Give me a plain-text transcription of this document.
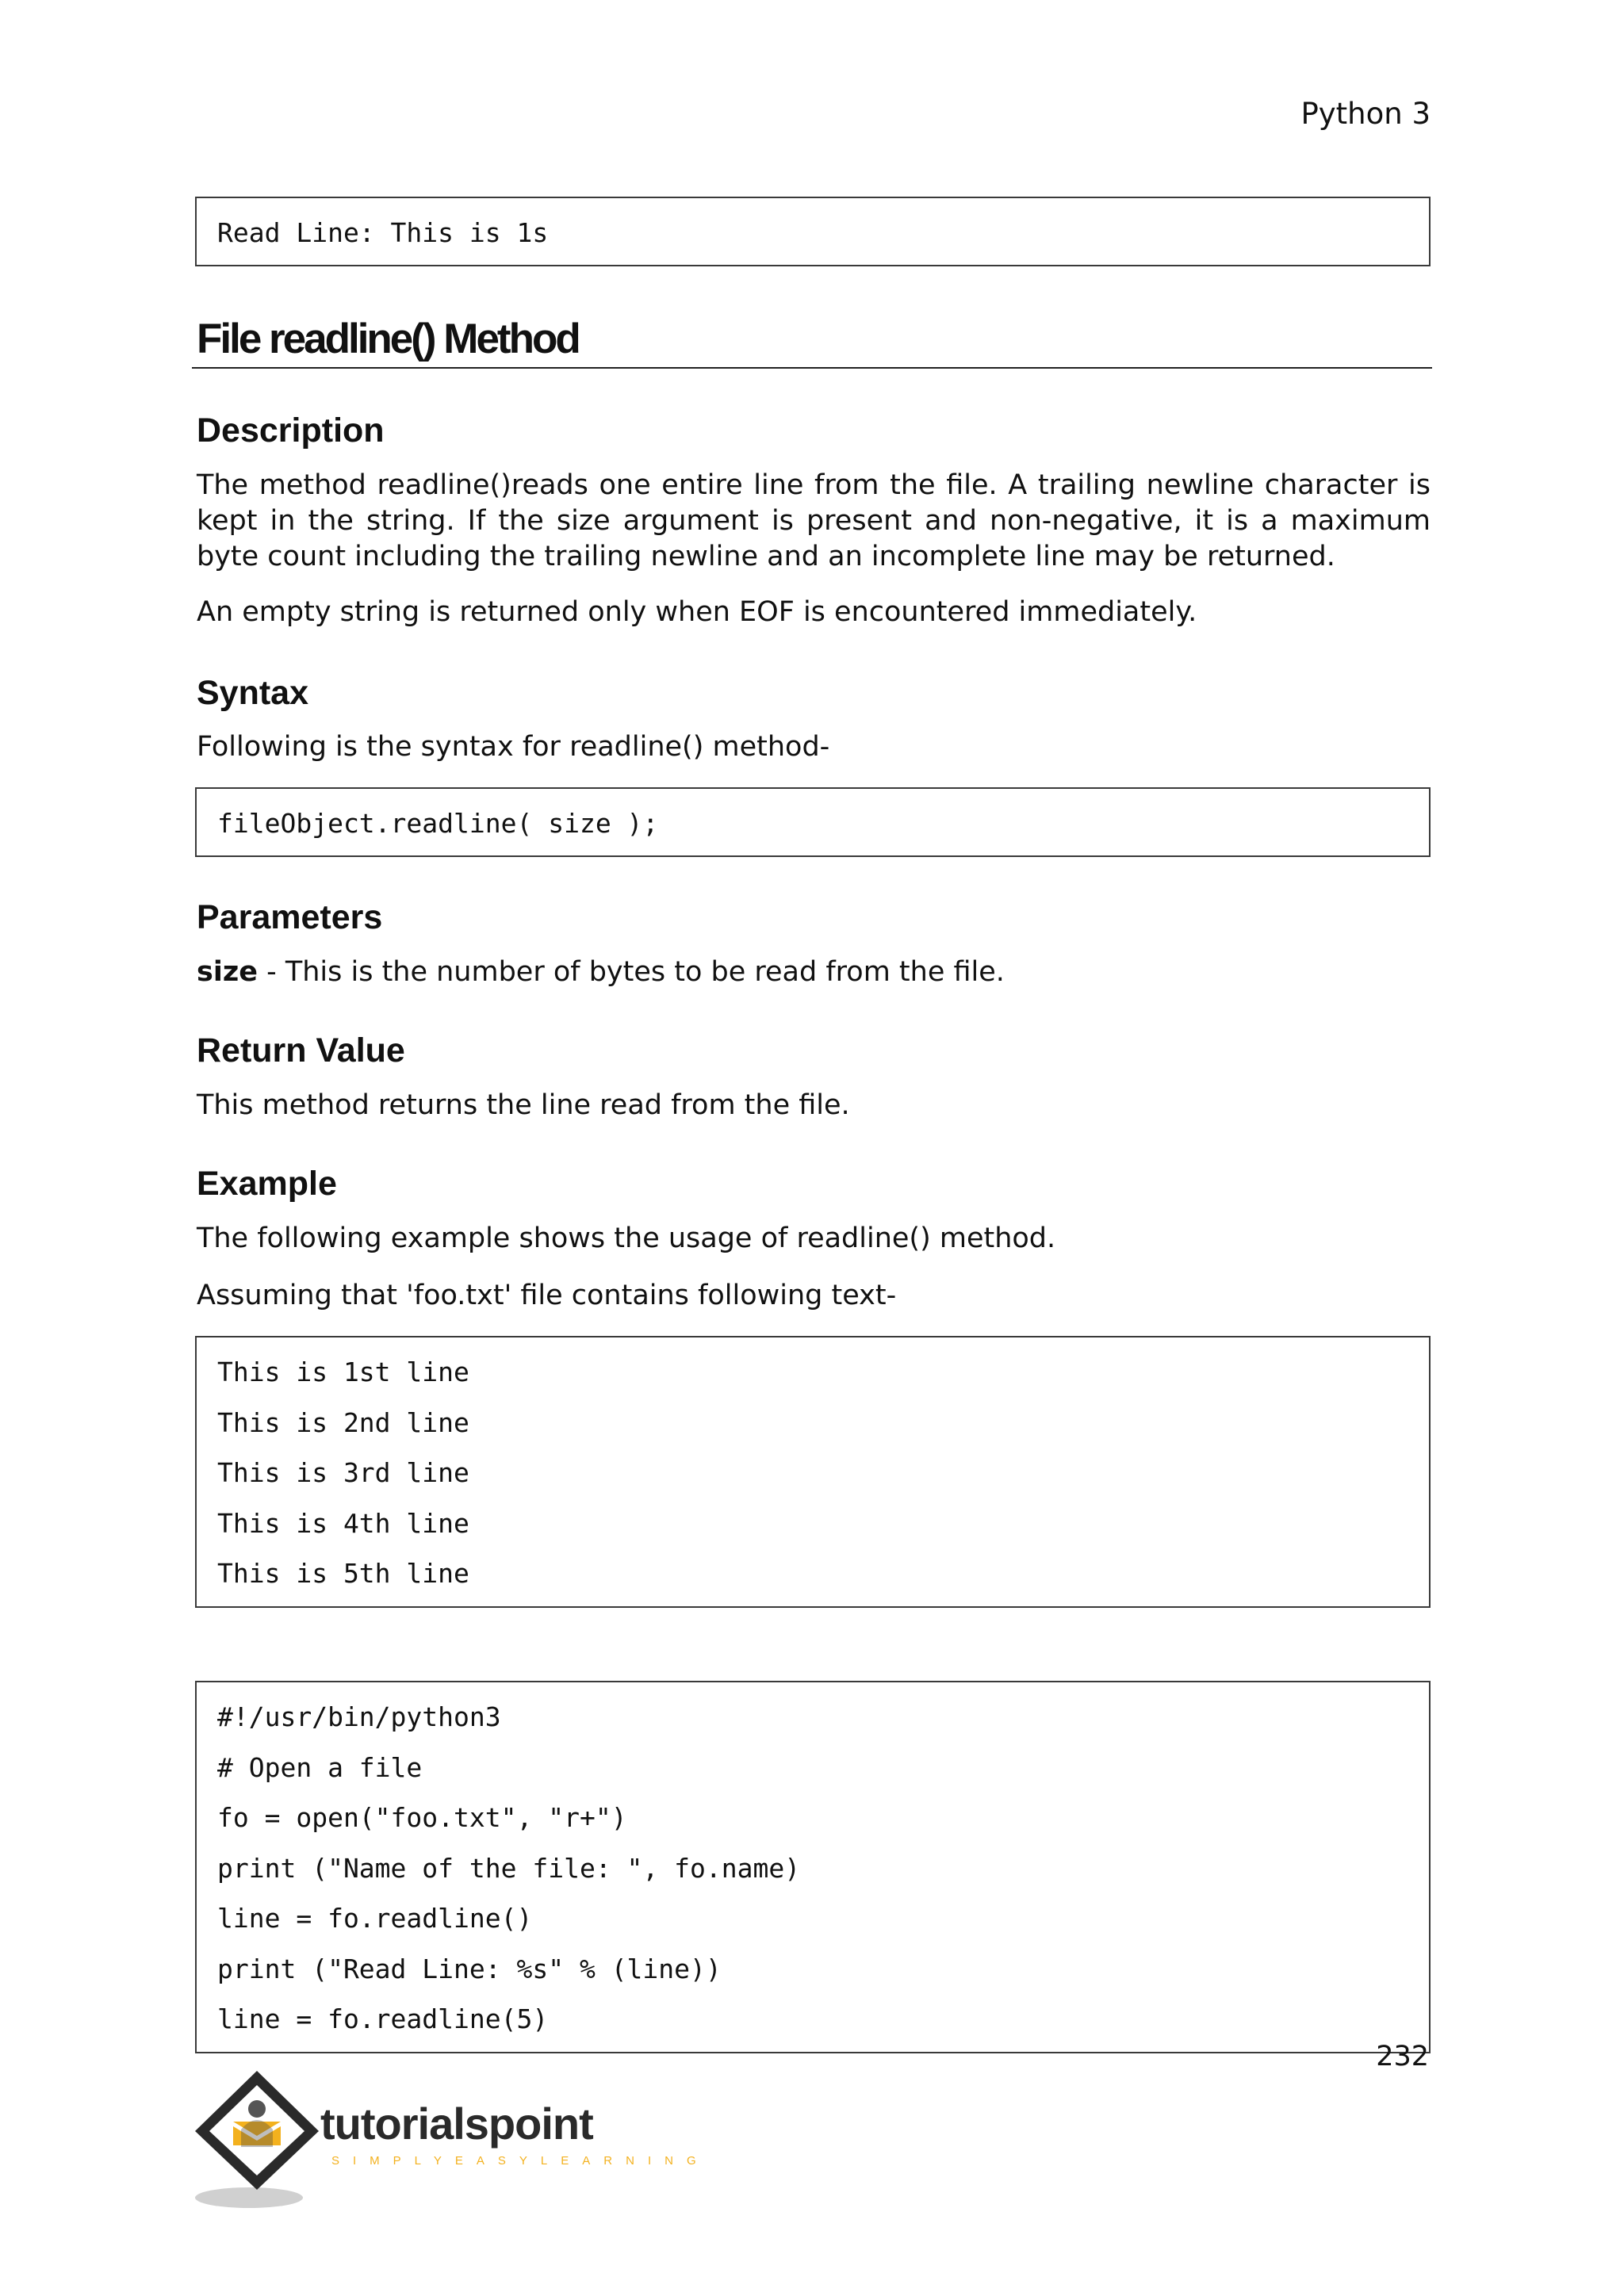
Python 3
Read Line: This is 1s
File readline() Method
Description
The method readline()reads one entire line from the file. A trailing newline character is kept in the string. If the size argument is present and non-negative, it is a maximum byte count including the trailing newline and an incomplete line may be returned.
An empty string is returned only when EOF is encountered immediately.
Syntax
Following is the syntax for readline() method-
fileObject.readline( size );
Parameters
size - This is the number of bytes to be read from the file.
Return Value
This method returns the line read from the file.
Example
The following example shows the usage of readline() method.
Assuming that 'foo.txt' file contains following text-
This is 1st line
This is 2nd line
This is 3rd line
This is 4th line
This is 5th line
#!/usr/bin/python3
# Open a file
fo = open("foo.txt", "r+")
print ("Name of the file: ", fo.name)
line = fo.readline()
print ("Read Line: %s" % (line))
line = fo.readline(5)
232
tutorialspoint
SIMPLYEASYLEARNING
